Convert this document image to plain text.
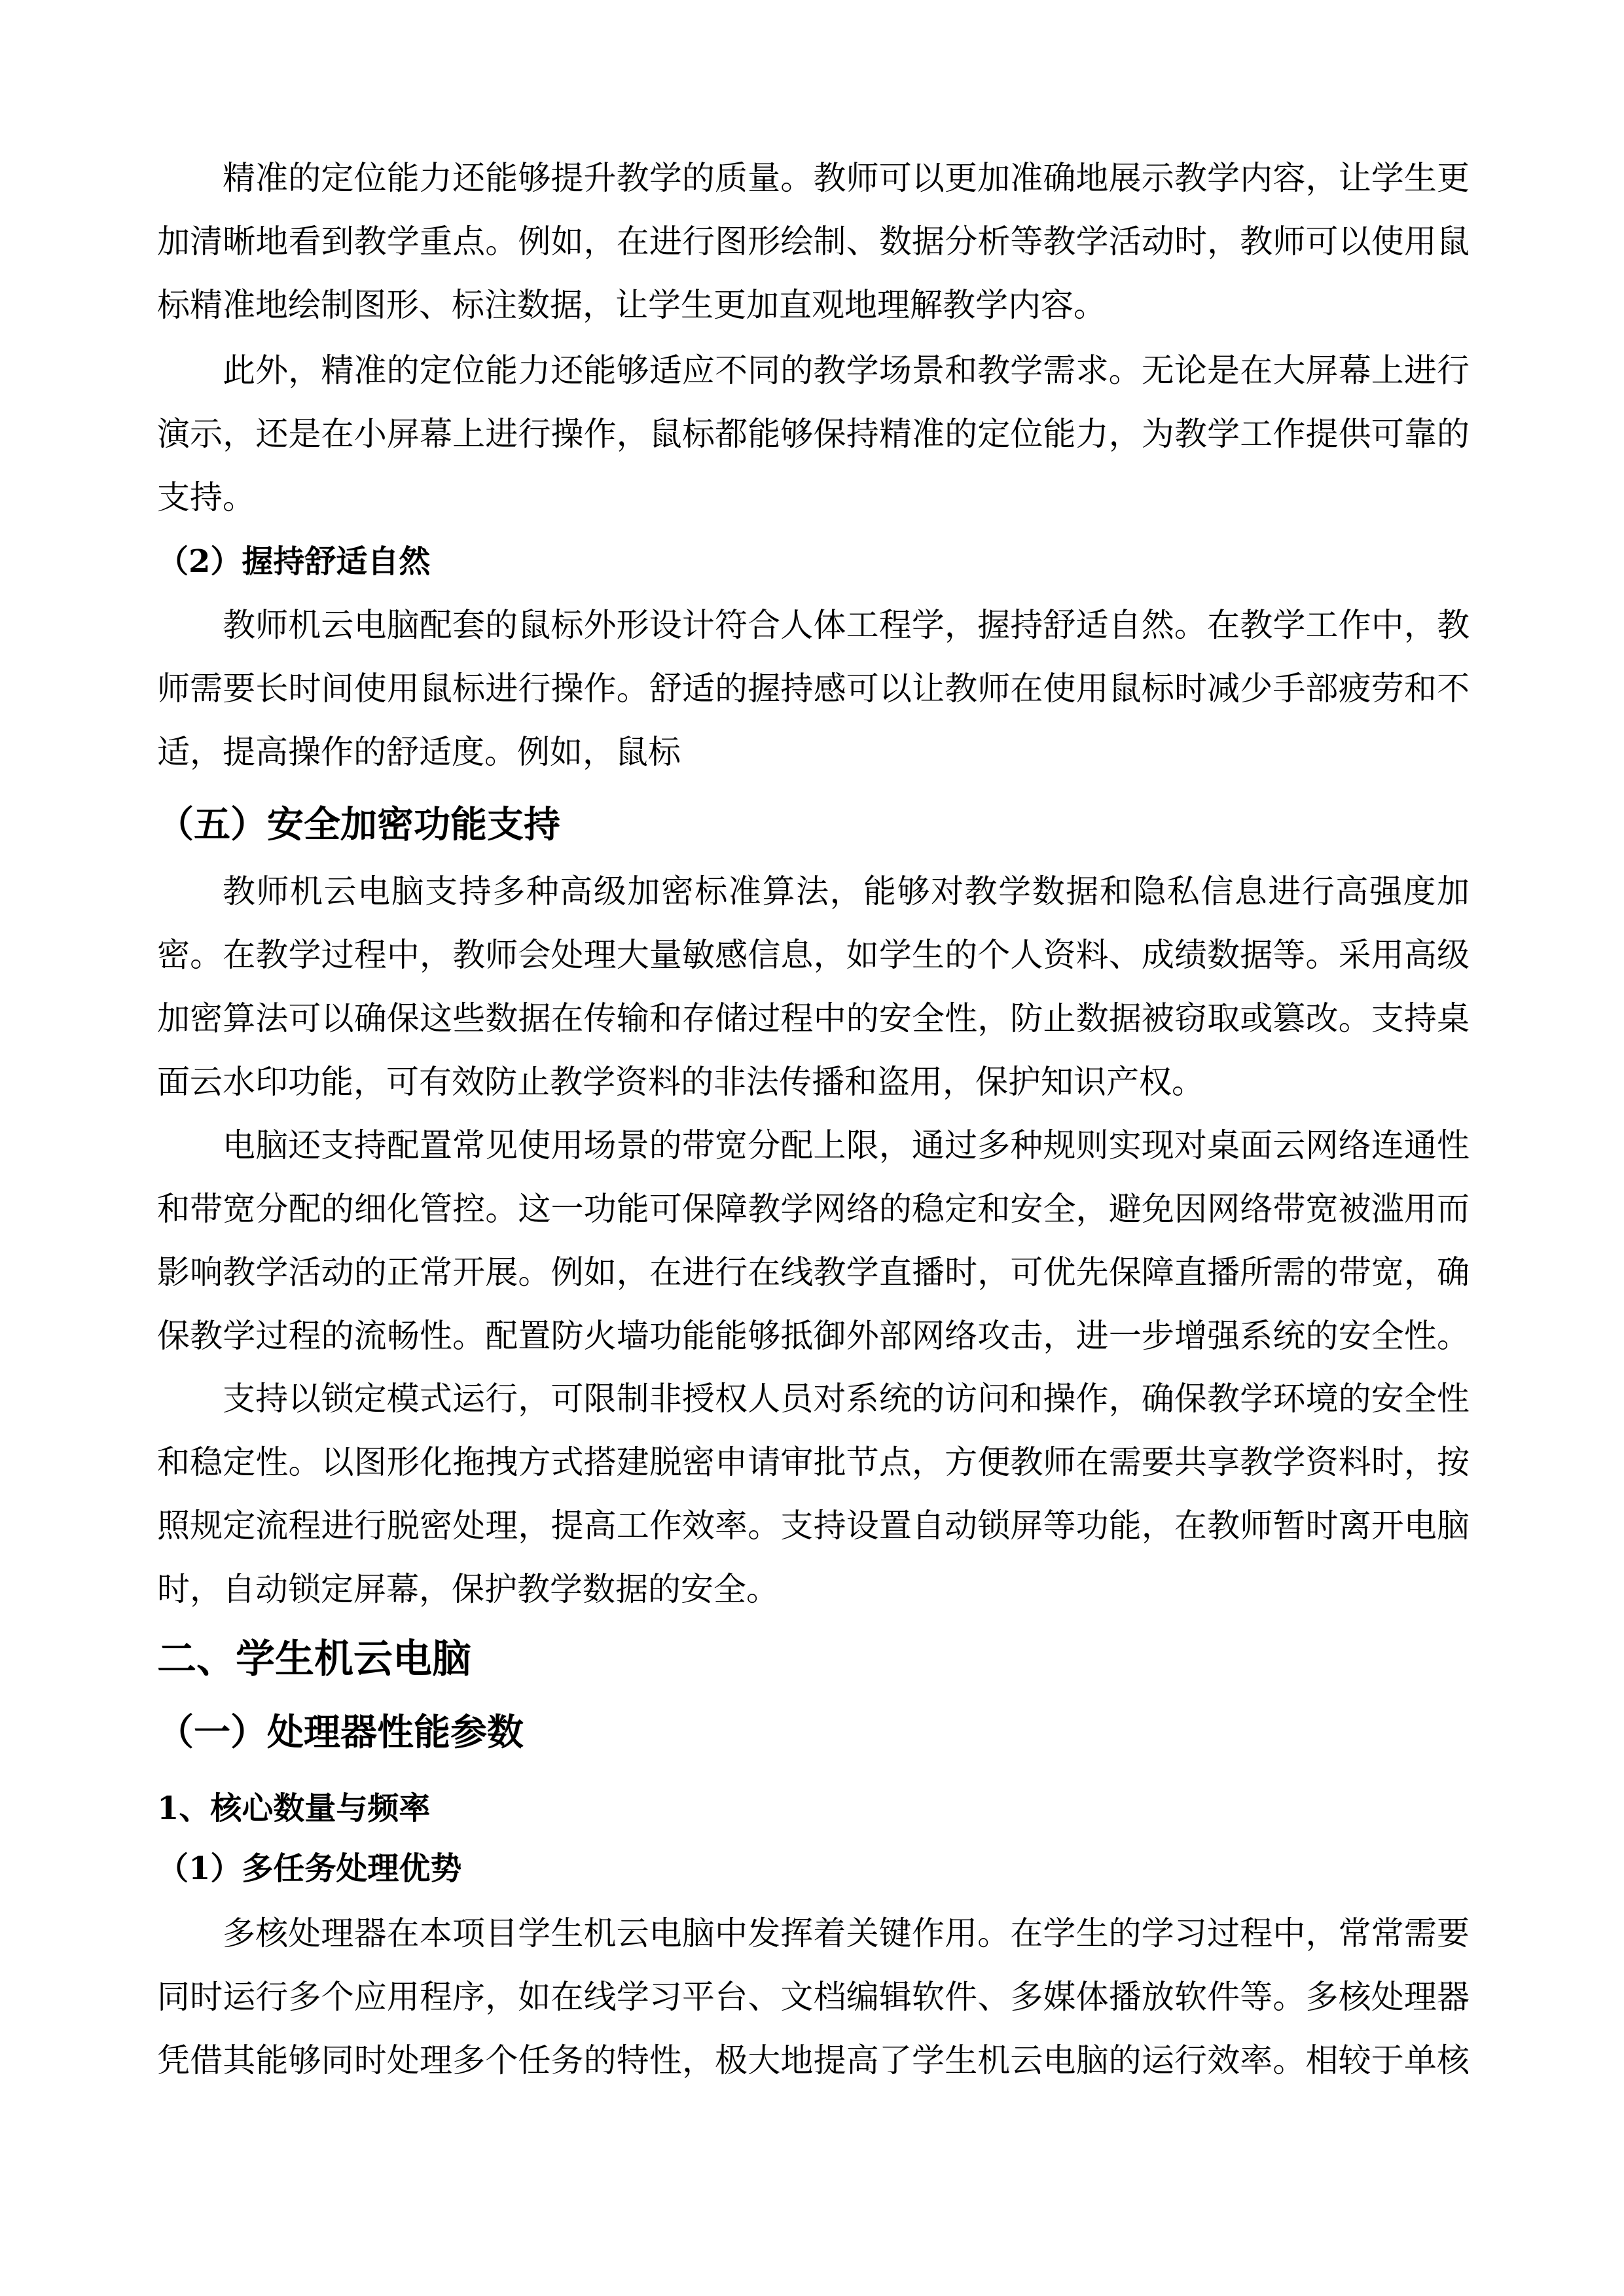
精准的定位能力还能够提升教学的质量。教师可以更加准确地展示教学内容，让学生更
加清晰地看到教学重点。例如，在进行图形绘制、数据分析等教学活动时，教师可以使用鼠
标精准地绘制图形、标注数据，让学生更加直观地理解教学内容。
此外，精准的定位能力还能够适应不同的教学场景和教学需求。无论是在大屏幕上进行
演示，还是在小屏幕上进行操作，鼠标都能够保持精准的定位能力，为教学工作提供可靠的
支持。
（2）握持舒适自然
教师机云电脑配套的鼠标外形设计符合人体工程学，握持舒适自然。在教学工作中，教
师需要长时间使用鼠标进行操作。舒适的握持感可以让教师在使用鼠标时减少手部疲劳和不
适，提高操作的舒适度。例如，鼠标
（五）安全加密功能支持
教师机云电脑支持多种高级加密标准算法，能够对教学数据和隐私信息进行高强度加
密。在教学过程中，教师会处理大量敏感信息，如学生的个人资料、成绩数据等。采用高级
加密算法可以确保这些数据在传输和存储过程中的安全性，防止数据被窃取或篡改。支持桌
面云水印功能，可有效防止教学资料的非法传播和盗用，保护知识产权。
电脑还支持配置常见使用场景的带宽分配上限，通过多种规则实现对桌面云网络连通性
和带宽分配的细化管控。这一功能可保障教学网络的稳定和安全，避免因网络带宽被滥用而
影响教学活动的正常开展。例如，在进行在线教学直播时，可优先保障直播所需的带宽，确
保教学过程的流畅性。配置防火墙功能能够抵御外部网络攻击，进一步增强系统的安全性。
支持以锁定模式运行，可限制非授权人员对系统的访问和操作，确保教学环境的安全性
和稳定性。以图形化拖拽方式搭建脱密申请审批节点，方便教师在需要共享教学资料时，按
照规定流程进行脱密处理，提高工作效率。支持设置自动锁屏等功能，在教师暂时离开电脑
时，自动锁定屏幕，保护教学数据的安全。
二、学生机云电脑
（一）处理器性能参数
1、核心数量与频率
（1）多任务处理优势
多核处理器在本项目学生机云电脑中发挥着关键作用。在学生的学习过程中，常常需要
同时运行多个应用程序，如在线学习平台、文档编辑软件、多媒体播放软件等。多核处理器
凭借其能够同时处理多个任务的特性，极大地提高了学生机云电脑的运行效率。相较于单核
